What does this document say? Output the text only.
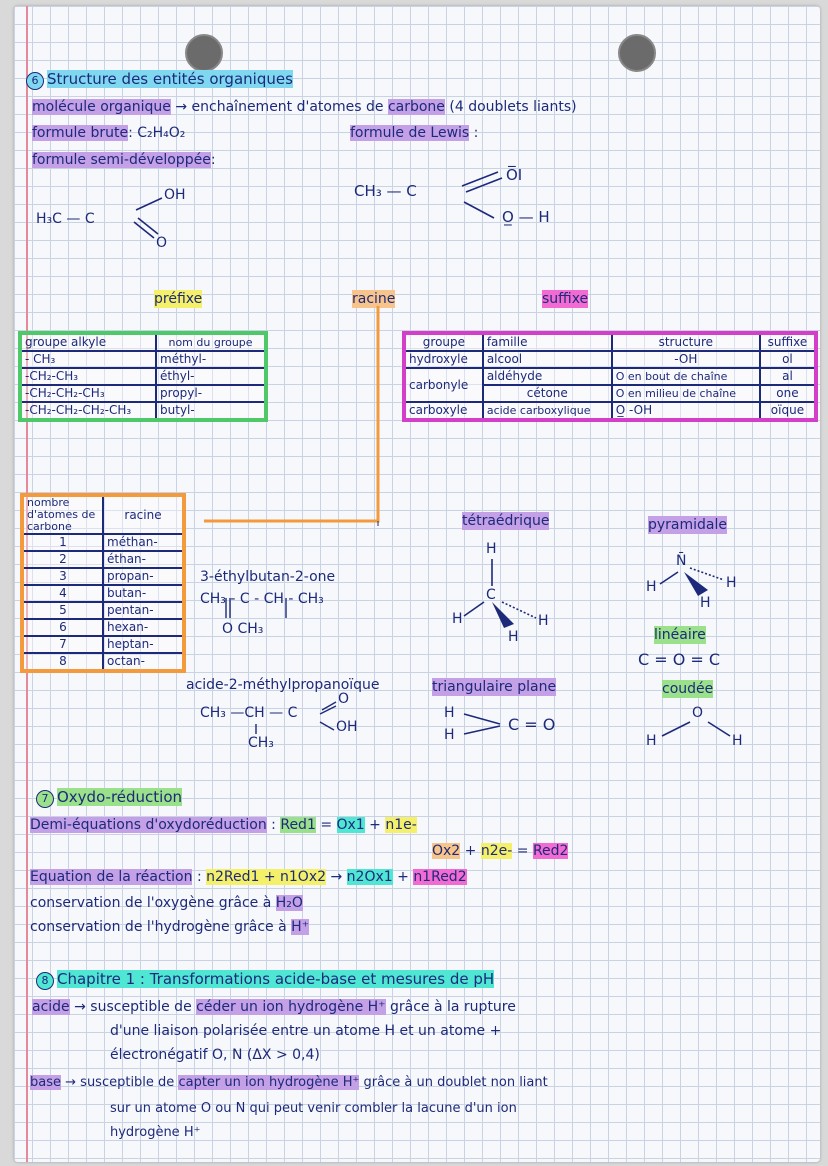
6 Structure des entités organiques
molécule organique → enchaînement d'atomes de carbone (4 doublets liants)
formule brute: C₂H₄O₂	formule de Lewis :
formule semi-développée:
OH
H₃C — C
O
CH₃ — C
O̅I
O̲ — H
préfixe	racine	suffixe
groupe alkyle	nom du groupe
- CH₃	méthyl-
-CH₂-CH₃	éthyl-
-CH₂-CH₂-CH₃	propyl-
-CH₂-CH₂-CH₂-CH₃	butyl-
groupe	famille	structure	suffixe
hydroxyle	alcool	-OH	ol
carbonyle	aldéhyde	O en bout de chaîne	al
	cétone	O en milieu de chaîne	one
carboxyle	acide carboxylique	O̲ -OH	oïque
nombre d'atomes de carbone	racine
1	méthan-
2	éthan-
3	propan-
4	butan-
5	pentan-
6	hexan-
7	heptan-
8	octan-
3-éthylbutan-2-one
CH₃ - C - CH - CH₃
O CH₃
acide-2-méthylpropanoïque
CH₃ —CH — C
O
OH
CH₃
tétraédrique
H
C
H
H
H
pyramidale
N̄
H
H
H
linéaire
C = O = C
coudée
O
H	H
triangulaire plane
H
H
C = O
7 Oxydo-réduction
Demi-équations d'oxydoréduction : Red1 = Ox1 + n1e-
Ox2 + n2e- = Red2
Equation de la réaction : n2Red1 + n1Ox2 → n2Ox1 + n1Red2
conservation de l'oxygène grâce à H₂O
conservation de l'hydrogène grâce à H⁺
8 Chapitre 1 : Transformations acide-base et mesures de pH
acide → susceptible de céder un ion hydrogène H⁺ grâce à la rupture
d'une liaison polarisée entre un atome H et un atome +
électronégatif O, N (ΔX > 0,4)
base → susceptible de capter un ion hydrogène H⁺ grâce à un doublet non liant
sur un atome O ou N qui peut venir combler la lacune d'un ion
hydrogène H⁺
